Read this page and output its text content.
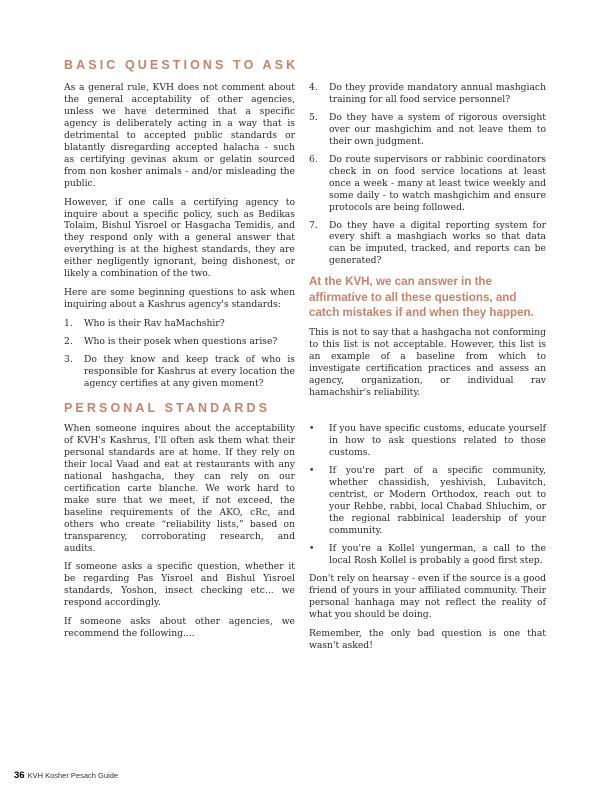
BASIC QUESTIONS TO ASK

As a general rule, KVH does not comment about the general acceptability of other agencies, unless we have determined that a specific agency is deliberately acting in a way that is detrimental to accepted public standards or blatantly disregarding accepted halacha - such as certifying gevinas akum or gelatin sourced from non kosher animals - and/or misleading the public.

However, if one calls a certifying agency to inquire about a specific policy, such as Bedikas Tolaim, Bishul Yisroel or Hasgacha Temidis, and they respond only with a general answer that everything is at the highest standards, they are either negligently ignorant, being dishonest, or likely a combination of the two.

Here are some beginning questions to ask when inquiring about a Kashrus agency's standards:

1. Who is their Rav haMachshir?
2. Who is their posek when questions arise?
3. Do they know and keep track of who is responsible for Kashrus at every location the agency certifies at any given moment?
4. Do they provide mandatory annual mashgiach training for all food service personnel?
5. Do they have a system of rigorous oversight over our mashgichim and not leave them to their own judgment.
6. Do route supervisors or rabbinic coordinators check in on food service locations at least once a week - many at least twice weekly and some daily - to watch mashgichim and ensure protocols are being followed.
7. Do they have a digital reporting system for every shift a mashgiach works so that data can be imputed, tracked, and reports can be generated?

At the KVH, we can answer in the affirmative to all these questions, and catch mistakes if and when they happen.

This is not to say that a hashgacha not conforming to this list is not acceptable. However, this list is an example of a baseline from which to investigate certification practices and assess an agency, organization, or individual rav hamachshir's reliability.

PERSONAL STANDARDS

When someone inquires about the acceptability of KVH's Kashrus, I'll often ask them what their personal standards are at home. If they rely on their local Vaad and eat at restaurants with any national hashgacha, they can rely on our certification carte blanche. We work hard to make sure that we meet, if not exceed, the baseline requirements of the AKO, cRc, and others who create “reliability lists,” based on transparency, corroborating research, and audits.

If someone asks a specific question, whether it be regarding Pas Yisroel and Bishul Yisroel standards, Yoshon, insect checking etc... we respond accordingly.

If someone asks about other agencies, we recommend the following....

• If you have specific customs, educate yourself in how to ask questions related to those customs.
• If you're part of a specific community, whether chassidish, yeshivish, Lubavitch, centrist, or Modern Orthodox, reach out to your Rebbe, rabbi, local Chabad Shluchim, or the regional rabbinical leadership of your community.
• If you're a Kollel yungerman, a call to the local Rosh Kollel is probably a good first step.

Don't rely on hearsay - even if the source is a good friend of yours in your affiliated community. Their personal hanhaga may not reflect the reality of what you should be doing.

Remember, the only bad question is one that wasn't asked!

36 KVH Kosher Pesach Guide
